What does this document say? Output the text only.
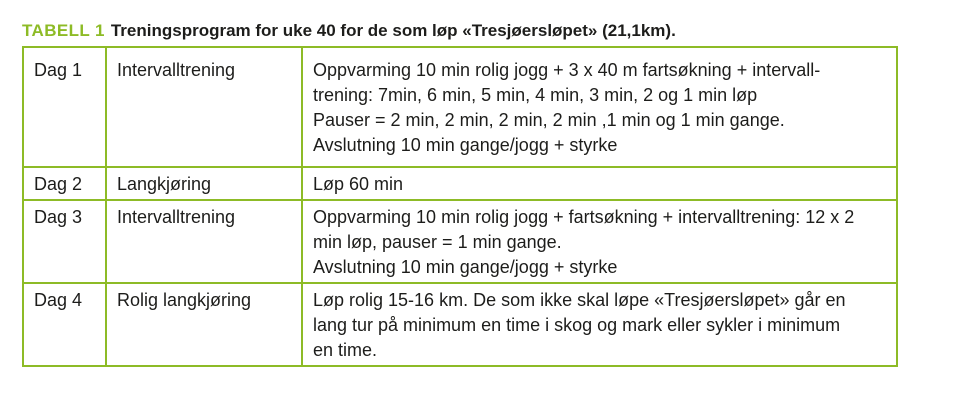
TABELL 1 Treningsprogram for uke 40 for de som løp «Tresjøersløpet» (21,1km).
Dag 1	Intervalltrening	Oppvarming 10 min rolig jogg + 3 x 40 m fartsøkning + intervall-
trening: 7min, 6 min, 5 min, 4 min, 3 min, 2 og 1 min løp
Pauser = 2 min, 2 min, 2 min, 2 min ,1 min og 1 min gange.
Avslutning 10 min gange/jogg + styrke

Dag 2	Langkjøring	Løp 60 min

Dag 3	Intervalltrening	Oppvarming 10 min rolig jogg + fartsøkning + intervalltrening: 12 x 2
min løp, pauser = 1 min gange.
Avslutning 10 min gange/jogg + styrke

Dag 4	Rolig langkjøring	Løp rolig 15-16 km. De som ikke skal løpe «Tresjøersløpet» går en
lang tur på minimum en time i skog og mark eller sykler i minimum
en time.
